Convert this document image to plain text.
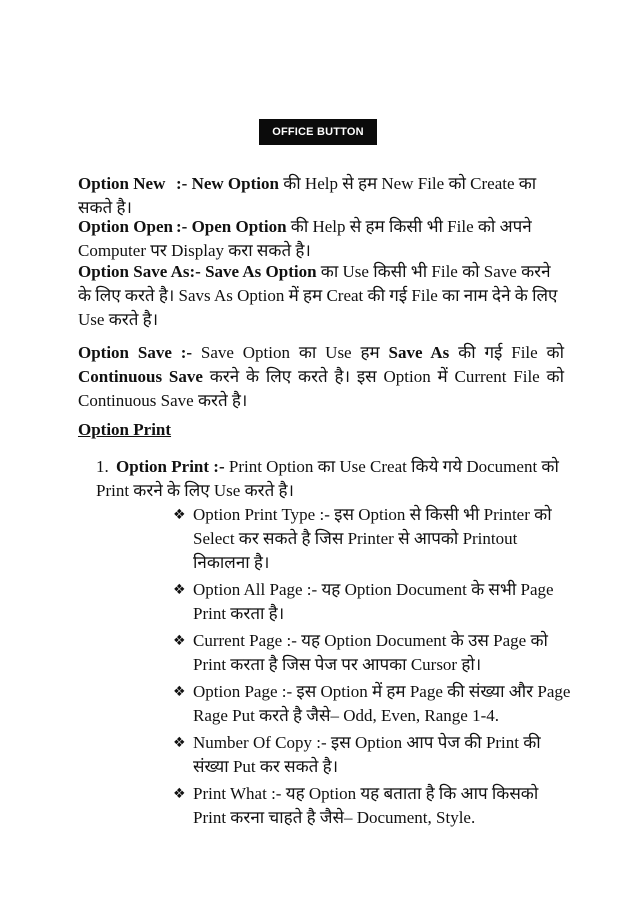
OFFICE BUTTON
Option New :- New Option की Help से हम New File को Create का सकते है।
Option Open :- Open Option की Help से हम किसी भी File को अपने Computer पर Display करा सकते है।
Option Save As:- Save As Option का Use किसी भी File को Save करने के लिए करते है। Savs As Option में हम Creat की गई File का नाम देने के लिए Use करते है।
Option Save :- Save Option का Use हम Save As की गई File को Continuous Save करने के लिए करते है। इस Option में Current File को Continuous Save करते है।
Option Print
1. Option Print :- Print Option का Use Creat किये गये Document को Print करने के लिए Use करते है।
❖ Option Print Type :- इस Option से किसी भी Printer को Select कर सकते है जिस Printer से आपको Printout निकालना है।
❖ Option All Page :- यह Option Document के सभी Page Print करता है।
❖ Current Page :- यह Option Document के उस Page को Print करता है जिस पेज पर आपका Cursor हो।
❖ Option Page :- इस Option में हम Page की संख्या और Page Rage Put करते है जैसे– Odd, Even, Range 1-4.
❖ Number Of Copy :- इस Option आप पेज की Print की संख्या Put कर सकते है।
❖ Print What :- यह Option यह बताता है कि आप किसको Print करना चाहते है जैसे– Document, Style.
